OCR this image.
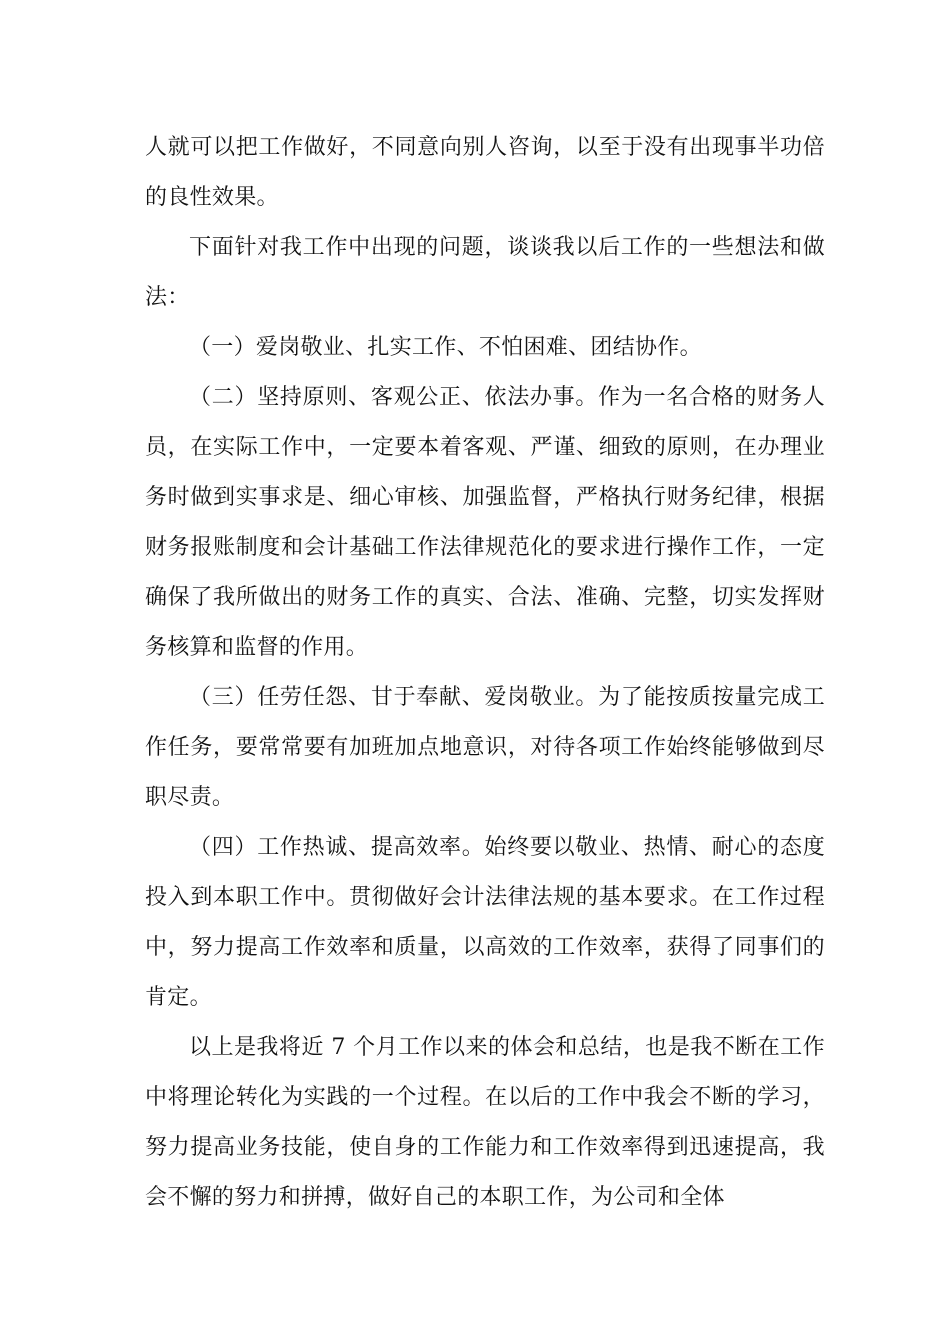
人就可以把工作做好，不同意向别人咨询，以至于没有出现事半功倍的良性效果。

下面针对我工作中出现的问题，谈谈我以后工作的一些想法和做法：

（一）爱岗敬业、扎实工作、不怕困难、团结协作。

（二）坚持原则、客观公正、依法办事。作为一名合格的财务人员，在实际工作中，一定要本着客观、严谨、细致的原则，在办理业务时做到实事求是、细心审核、加强监督，严格执行财务纪律，根据财务报账制度和会计基础工作法律规范化的要求进行操作工作，一定确保了我所做出的财务工作的真实、合法、准确、完整，切实发挥财务核算和监督的作用。

（三）任劳任怨、甘于奉献、爱岗敬业。为了能按质按量完成工作任务，要常常要有加班加点地意识，对待各项工作始终能够做到尽职尽责。

（四）工作热诚、提高效率。始终要以敬业、热情、耐心的态度投入到本职工作中。贯彻做好会计法律法规的基本要求。在工作过程中，努力提高工作效率和质量，以高效的工作效率，获得了同事们的肯定。

以上是我将近 7 个月工作以来的体会和总结，也是我不断在工作中将理论转化为实践的一个过程。在以后的工作中我会不断的学习，努力提高业务技能，使自身的工作能力和工作效率得到迅速提高，我会不懈的努力和拼搏，做好自己的本职工作，为公司和全体
